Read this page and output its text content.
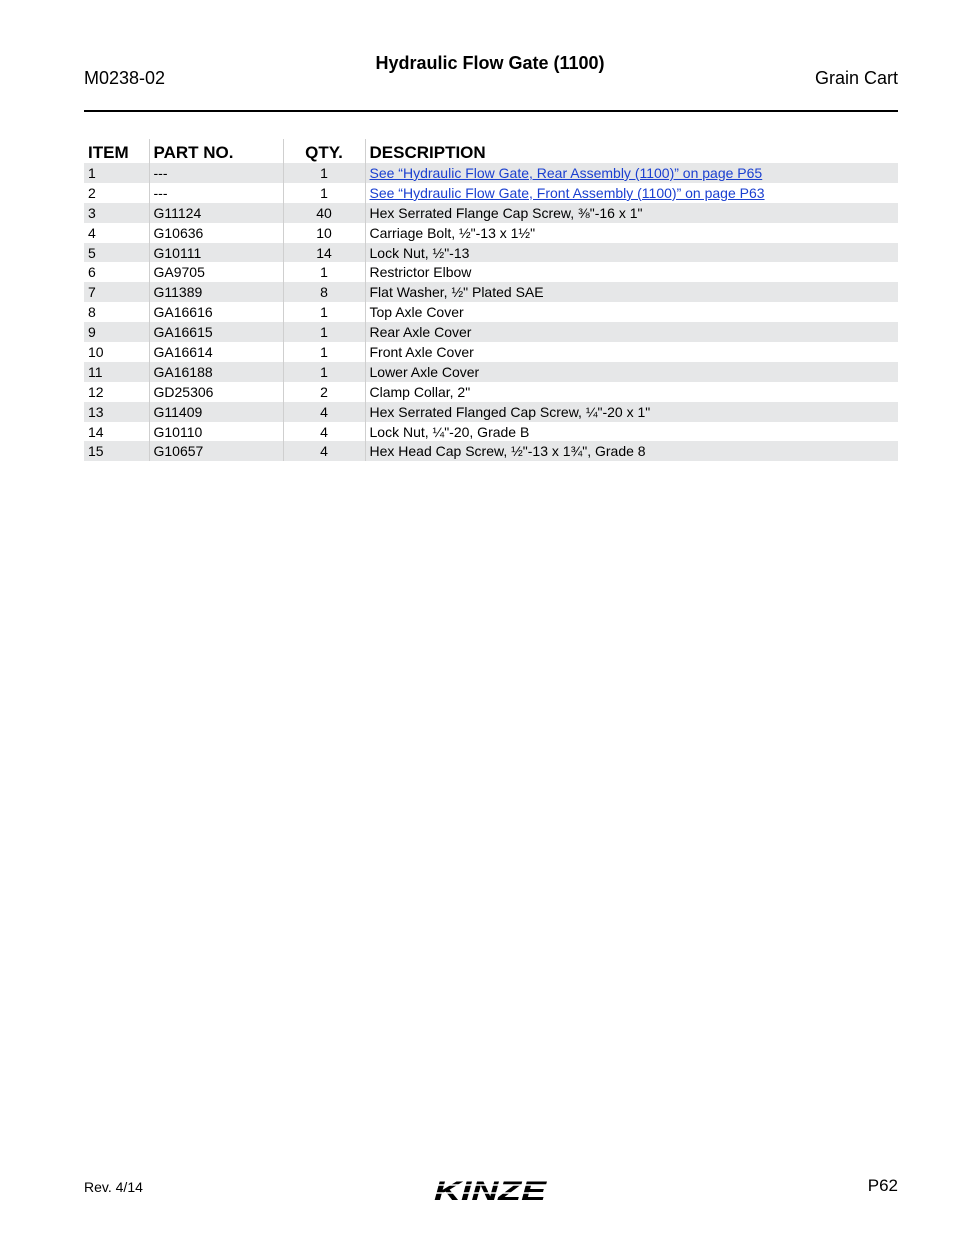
M0238-02
Hydraulic Flow Gate (1100)
Grain Cart
ITEM	PART NO.	QTY.	DESCRIPTION
1	---	1	See “Hydraulic Flow Gate, Rear Assembly (1100)” on page P65
2	---	1	See “Hydraulic Flow Gate, Front Assembly (1100)” on page P63
3	G11124	40	Hex Serrated Flange Cap Screw, ⅜"-16 x 1"
4	G10636	10	Carriage Bolt, ½"-13 x 1½"
5	G10111	14	Lock Nut, ½"-13
6	GA9705	1	Restrictor Elbow
7	G11389	8	Flat Washer, ½" Plated SAE
8	GA16616	1	Top Axle Cover
9	GA16615	1	Rear Axle Cover
10	GA16614	1	Front Axle Cover
11	GA16188	1	Lower Axle Cover
12	GD25306	2	Clamp Collar, 2"
13	G11409	4	Hex Serrated Flanged Cap Screw, ¼"-20 x 1"
14	G10110	4	Lock Nut, ¼"-20, Grade B
15	G10657	4	Hex Head Cap Screw, ½"-13 x 1¾", Grade 8
Rev. 4/14	KINZE	P62
